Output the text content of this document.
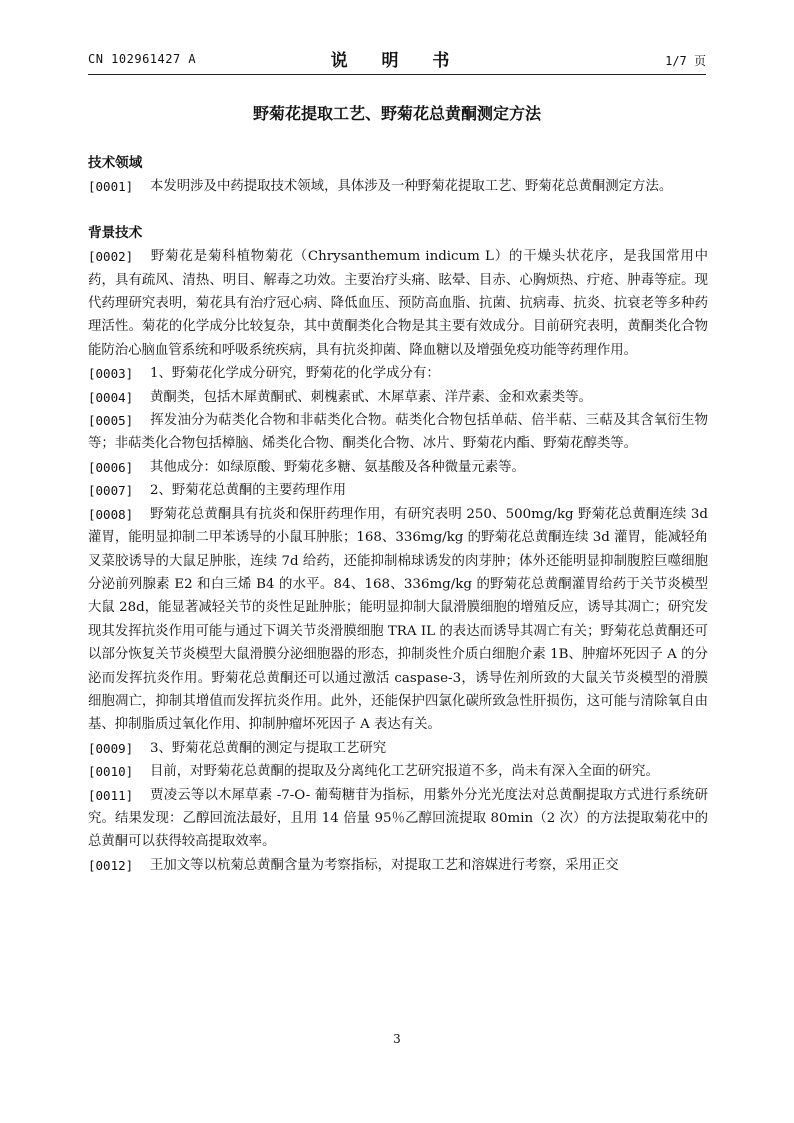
CN 102961427 A	说 明 书	1/7 页
野菊花提取工艺、野菊花总黄酮测定方法
技术领域
[0001] 本发明涉及中药提取技术领域，具体涉及一种野菊花提取工艺、野菊花总黄酮测定方法。
背景技术
[0002] 野菊花是菊科植物菊花（Chrysanthemum indicum L）的干燥头状花序，是我国常用中药，具有疏风、清热、明目、解毒之功效。主要治疗头痛、眩晕、目赤、心胸烦热、疔疮、肿毒等症。现代药理研究表明，菊花具有治疗冠心病、降低血压、预防高血脂、抗菌、抗病毒、抗炎、抗衰老等多种药理活性。菊花的化学成分比较复杂，其中黄酮类化合物是其主要有效成分。目前研究表明，黄酮类化合物能防治心脑血管系统和呼吸系统疾病，具有抗炎抑菌、降血糖以及增强免疫功能等药理作用。
[0003] 1、野菊花化学成分研究，野菊花的化学成分有：
[0004] 黄酮类，包括木犀黄酮甙、刺槐素甙、木犀草素、洋芹素、金和欢素类等。
[0005] 挥发油分为萜类化合物和非萜类化合物。萜类化合物包括单萜、倍半萜、三萜及其含氧衍生物等；非萜类化合物包括樟脑、烯类化合物、酮类化合物、冰片、野菊花内酯、野菊花醇类等。
[0006] 其他成分：如绿原酸、野菊花多糖、氨基酸及各种微量元素等。
[0007] 2、野菊花总黄酮的主要药理作用
[0008] 野菊花总黄酮具有抗炎和保肝药理作用，有研究表明 250、500mg/kg 野菊花总黄酮连续 3d 灌胃，能明显抑制二甲苯诱导的小鼠耳肿胀；168、336mg/kg 的野菊花总黄酮连续 3d 灌胃，能减轻角叉菜胶诱导的大鼠足肿胀，连续 7d 给药，还能抑制棉球诱发的肉芽肿；体外还能明显抑制腹腔巨噬细胞分泌前列腺素 E2 和白三烯 B4 的水平。84、168、336mg/kg 的野菊花总黄酮灌胃给药于关节炎模型大鼠 28d，能显著减轻关节的炎性足趾肿胀；能明显抑制大鼠滑膜细胞的增殖反应，诱导其凋亡；研究发现其发挥抗炎作用可能与通过下调关节炎滑膜细胞 TRA IL 的表达而诱导其凋亡有关；野菊花总黄酮还可以部分恢复关节炎模型大鼠滑膜分泌细胞器的形态，抑制炎性介质白细胞介素 1B、肿瘤坏死因子 A 的分泌而发挥抗炎作用。野菊花总黄酮还可以通过激活 caspase-3，诱导佐剂所致的大鼠关节炎模型的滑膜细胞凋亡，抑制其增值而发挥抗炎作用。此外，还能保护四氯化碳所致急性肝损伤，这可能与清除氧自由基、抑制脂质过氧化作用、抑制肿瘤坏死因子 A 表达有关。
[0009] 3、野菊花总黄酮的测定与提取工艺研究
[0010] 目前，对野菊花总黄酮的提取及分离纯化工艺研究报道不多，尚未有深入全面的研究。
[0011] 贾凌云等以木犀草素 -7-O- 葡萄糖苷为指标，用紫外分光光度法对总黄酮提取方式进行系统研究。结果发现：乙醇回流法最好，且用 14 倍量 95％乙醇回流提取 80min（2 次）的方法提取菊花中的总黄酮可以获得较高提取效率。
[0012] 王加文等以杭菊总黄酮含量为考察指标，对提取工艺和溶媒进行考察，采用正交
3
